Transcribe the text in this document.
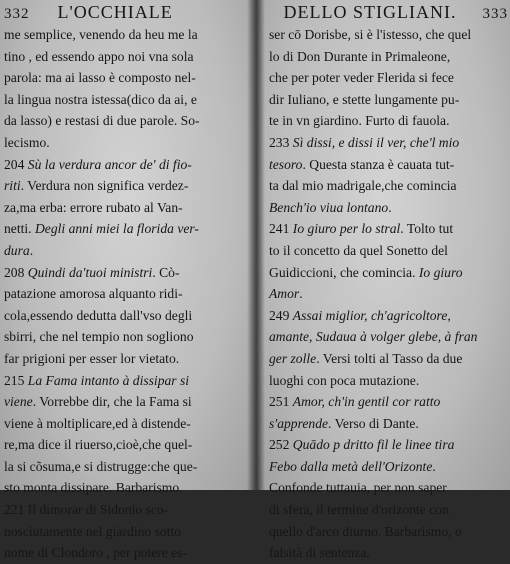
332 L'OCCHIALE
me semplice, venendo da heu me la
tino , ed essendo appo noi vna sola
parola: ma ai lasso è composto nel-
la lingua nostra istessa(dico da ai, e
da lasso) e restasi di due parole. So-
lecismo.
204 Sù la verdura ancor de' di fio-
riti. Verdura non significa verdez-
za,ma erba: errore rubato al Van-
netti. Degli anni miei la florida ver-
dura.
208 Quindi da'tuoi ministri. Cò-
patazione amorosa alquanto ridi-
cola,essendo dedutta dall'vso degli
sbirri, che nel tempio non sogliono
far prigioni per esser lor vietato.
215 La Fama intanto à dissipar si
viene. Vorrebbe dir, che la Fama si
viene à moltiplicare,ed à distende-
re,ma dice il riuerso,cioè,che quel-
la si cõsuma,e si distrugge:che que-
sto monta dissipare. Barbarismo.
221 Il dimorar di Sidonio sco-
nosciutamente nel giardino sotto
nome di Clondoro , per potere es-
DELLO STIGLIANI. 333
ser cō Dorisbe, si è l'istesso, che quel
lo di Don Durante in Primaleone,
che per poter veder Flerida si fece
dir Iuliano, e stette lungamente pu-
te in vn giardino. Furto di fauola.
233 Sì dissi, e dissi il ver, che'l mio
tesoro. Questa stanza è cauata tut-
ta dal mio madrigale,che comincia
Bench'io viua lontano.
241 Io giuro per lo stral. Tolto tut
to il concetto da quel Sonetto del
Guidiccioni, che comincia. Io giuro
Amor.
249 Assai miglior, ch'agricoltore,
amante, Sudaua à volger glebe, à fran
ger zolle. Versi tolti al Tasso da due
luoghi con poca mutazione.
251 Amor, ch'in gentil cor ratto
s'apprende. Verso di Dante.
252 Quādo p dritto fil le linee tira
Febo dalla metà dell'Orizonte.
Confonde tuttauia, per non saper
di sfera, il termine d'orizonte con
quello d'arco diurno. Barbarismo, o
falsità di sentenza.
